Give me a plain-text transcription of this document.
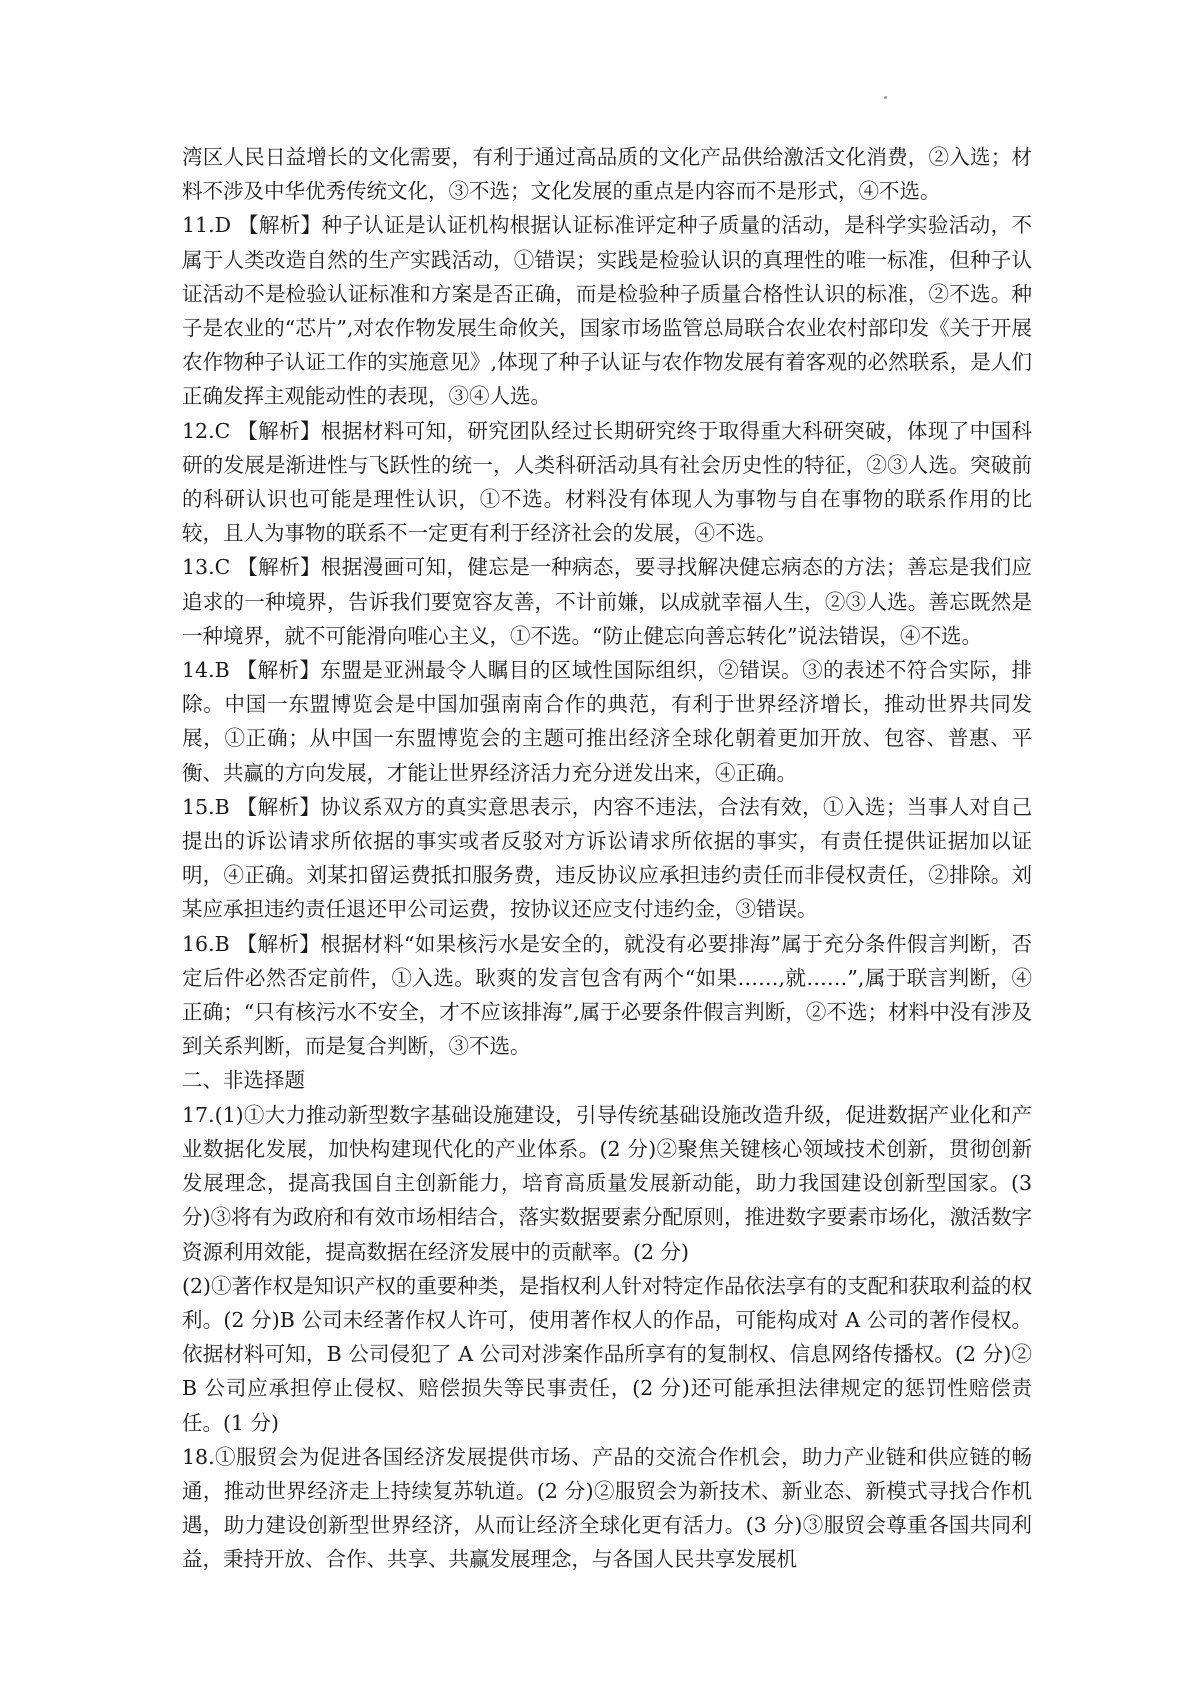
湾区人民日益增长的文化需要，有利于通过高品质的文化产品供给激活文化消费，②入选；材料不涉及中华优秀传统文化，③不选；文化发展的重点是内容而不是形式，④不选。

11.D 【解析】种子认证是认证机构根据认证标准评定种子质量的活动，是科学实验活动，不属于人类改造自然的生产实践活动，①错误；实践是检验认识的真理性的唯一标准，但种子认证活动不是检验认证标准和方案是否正确，而是检验种子质量合格性认识的标准，②不选。种子是农业的“芯片”,对农作物发展生命攸关，国家市场监管总局联合农业农村部印发《关于开展农作物种子认证工作的实施意见》,体现了种子认证与农作物发展有着客观的必然联系，是人们正确发挥主观能动性的表现，③④人选。

12.C 【解析】根据材料可知，研究团队经过长期研究终于取得重大科研突破，体现了中国科研的发展是渐进性与飞跃性的统一，人类科研活动具有社会历史性的特征，②③人选。突破前的科研认识也可能是理性认识，①不选。材料没有体现人为事物与自在事物的联系作用的比较，且人为事物的联系不一定更有利于经济社会的发展，④不选。

13.C 【解析】根据漫画可知，健忘是一种病态，要寻找解决健忘病态的方法；善忘是我们应追求的一种境界，告诉我们要宽容友善，不计前嫌，以成就幸福人生，②③人选。善忘既然是一种境界，就不可能滑向唯心主义，①不选。“防止健忘向善忘转化”说法错误，④不选。

14.B 【解析】东盟是亚洲最令人瞩目的区域性国际组织，②错误。③的表述不符合实际，排除。中国一东盟博览会是中国加强南南合作的典范，有利于世界经济增长，推动世界共同发展，①正确；从中国一东盟博览会的主题可推出经济全球化朝着更加开放、包容、普惠、平衡、共赢的方向发展，才能让世界经济活力充分迸发出来，④正确。

15.B 【解析】协议系双方的真实意思表示，内容不违法，合法有效，①入选；当事人对自己提出的诉讼请求所依据的事实或者反驳对方诉讼请求所依据的事实，有责任提供证据加以证明，④正确。刘某扣留运费抵扣服务费，违反协议应承担违约责任而非侵权责任，②排除。刘某应承担违约责任退还甲公司运费，按协议还应支付违约金，③错误。

16.B 【解析】根据材料“如果核污水是安全的，就没有必要排海”属于充分条件假言判断，否定后件必然否定前件，①入选。耿爽的发言包含有两个“如果……,就……”,属于联言判断，④正确；“只有核污水不安全，才不应该排海”,属于必要条件假言判断，②不选；材料中没有涉及到关系判断，而是复合判断，③不选。

二、非选择题

17.(1)①大力推动新型数字基础设施建设，引导传统基础设施改造升级，促进数据产业化和产业数据化发展，加快构建现代化的产业体系。(2 分)②聚焦关键核心领域技术创新，贯彻创新发展理念，提高我国自主创新能力，培育高质量发展新动能，助力我国建设创新型国家。(3 分)③将有为政府和有效市场相结合，落实数据要素分配原则，推进数字要素市场化，激活数字资源利用效能，提高数据在经济发展中的贡献率。(2 分)

(2)①著作权是知识产权的重要种类，是指权利人针对特定作品依法享有的支配和获取利益的权利。(2 分)B 公司未经著作权人许可，使用著作权人的作品，可能构成对 A 公司的著作侵权。依据材料可知，B 公司侵犯了 A 公司对涉案作品所享有的复制权、信息网络传播权。(2 分)②B 公司应承担停止侵权、赔偿损失等民事责任，(2 分)还可能承担法律规定的惩罚性赔偿责任。(1 分)

18.①服贸会为促进各国经济发展提供市场、产品的交流合作机会，助力产业链和供应链的畅通，推动世界经济走上持续复苏轨道。(2 分)②服贸会为新技术、新业态、新模式寻找合作机遇，助力建设创新型世界经济，从而让经济全球化更有活力。(3 分)③服贸会尊重各国共同利益，秉持开放、合作、共享、共赢发展理念，与各国人民共享发展机
